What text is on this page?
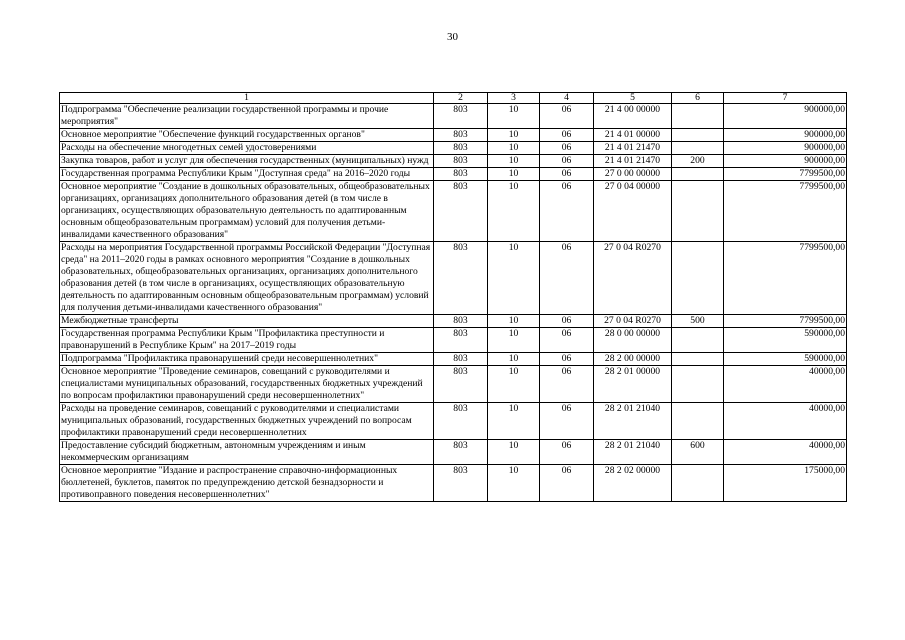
30
1	2	3	4	5	6	7
Подпрограмма "Обеспечение реализации государственной программы и прочие мероприятия"	803	10	06	21 4 00 00000		900000,00
Основное мероприятие "Обеспечение функций государственных органов"	803	10	06	21 4 01 00000		900000,00
Расходы на обеспечение многодетных семей удостоверениями	803	10	06	21 4 01 21470		900000,00
Закупка товаров, работ и услуг для обеспечения государственных (муниципальных) нужд	803	10	06	21 4 01 21470	200	900000,00
Государственная программа Республики Крым "Доступная среда" на 2016–2020 годы	803	10	06	27 0 00 00000		7799500,00
Основное мероприятие "Создание в дошкольных образовательных, общеобразовательных организациях, организациях дополнительного образования детей (в том числе в организациях, осуществляющих образовательную деятельность по адаптированным основным общеобразовательным программам) условий для получения детьми-инвалидами качественного образования"	803	10	06	27 0 04 00000		7799500,00
Расходы на мероприятия Государственной программы Российской Федерации "Доступная среда" на 2011–2020 годы в рамках основного мероприятия "Создание в дошкольных образовательных, общеобразовательных организациях, организациях дополнительного образования детей (в том числе в организациях, осуществляющих образовательную деятельность по адаптированным основным общеобразовательным программам) условий для получения детьми-инвалидами качественного образования"	803	10	06	27 0 04 R0270		7799500,00
Межбюджетные трансферты	803	10	06	27 0 04 R0270	500	7799500,00
Государственная программа Республики Крым "Профилактика преступности и правонарушений в Республике Крым" на 2017–2019 годы	803	10	06	28 0 00 00000		590000,00
Подпрограмма "Профилактика правонарушений среди несовершеннолетних"	803	10	06	28 2 00 00000		590000,00
Основное мероприятие "Проведение семинаров, совещаний с руководителями и специалистами муниципальных образований, государственных бюджетных учреждений по вопросам профилактики правонарушений среди несовершеннолетних"	803	10	06	28 2 01 00000		40000,00
Расходы на проведение семинаров, совещаний с руководителями и специалистами муниципальных образований, государственных бюджетных учреждений по вопросам профилактики правонарушений среди несовершеннолетних	803	10	06	28 2 01 21040		40000,00
Предоставление субсидий бюджетным, автономным учреждениям и иным некоммерческим организациям	803	10	06	28 2 01 21040	600	40000,00
Основное мероприятие "Издание и распространение справочно-информационных бюллетеней, буклетов, памяток по предупреждению детской безнадзорности и противоправного поведения несовершеннолетних"	803	10	06	28 2 02 00000		175000,00
